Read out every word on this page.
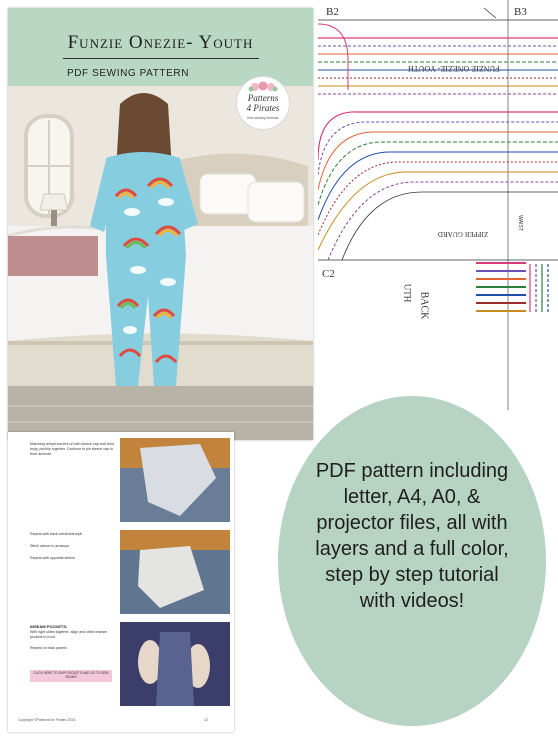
B2	B3
C2
FUNZIE ONEZIE- YOUTH
ZIPPER GUARD
UTH BACK
WAIST
Funzie Onezie- Youth
PDF SEWING PATTERN
Patterns
4 Pirates
free sewing tutorials
Matching armpit corners of both sleeve cap and front body, pin/clip together. Continue to pin sleeve cap to front armhole.
Repeat with back corners/armpit.
Stitch sleeve to armscye.
Repeat with opposite sleeve
INSEAM POCKETS:
With right sides together, align and stitch inseam pockets to front.
Repeat on back panels
CLICK HERE TO SKIP POCKETS AND GO TO SIDE SEAMS
Copyright ©Patterns for Pirates 2024	22
PDF pattern including letter, A4, A0, & projector files, all with layers and a full color, step by step tutorial with videos!
